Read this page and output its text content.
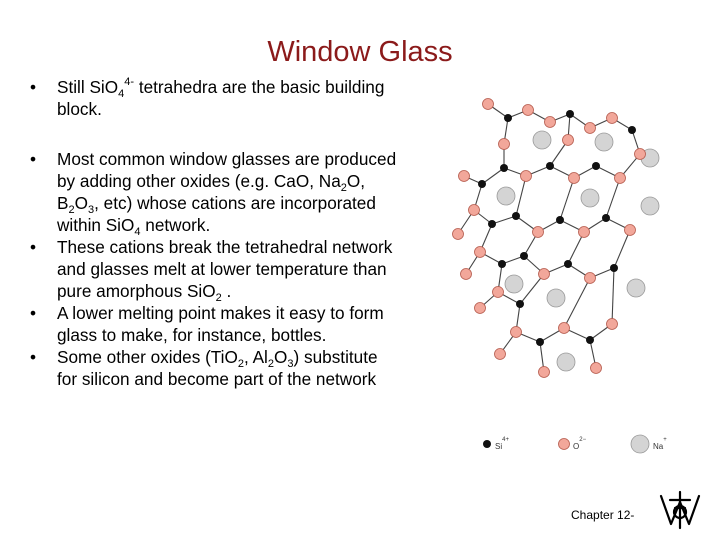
Window Glass
• Still SiO$_4^{4-}$ tetrahedra are the basic building block.
• Most common window glasses are produced by adding other oxides (e.g. CaO, $Na_2O$, $B_2O_3$, etc) whose cations are incorporated within SiO$_4$ network.
• These cations break the tetrahedral network and glasses melt at lower temperature than pure amorphous SiO$_2$ .
• A lower melting point makes it easy to form glass to make, for instance, bottles.
• Some other oxides (TiO$_2$, $Al_2O_3$) substitute for silicon and become part of the network
$Si^{4+}$
$O^{2-}$
Na+
Chapter 12-
